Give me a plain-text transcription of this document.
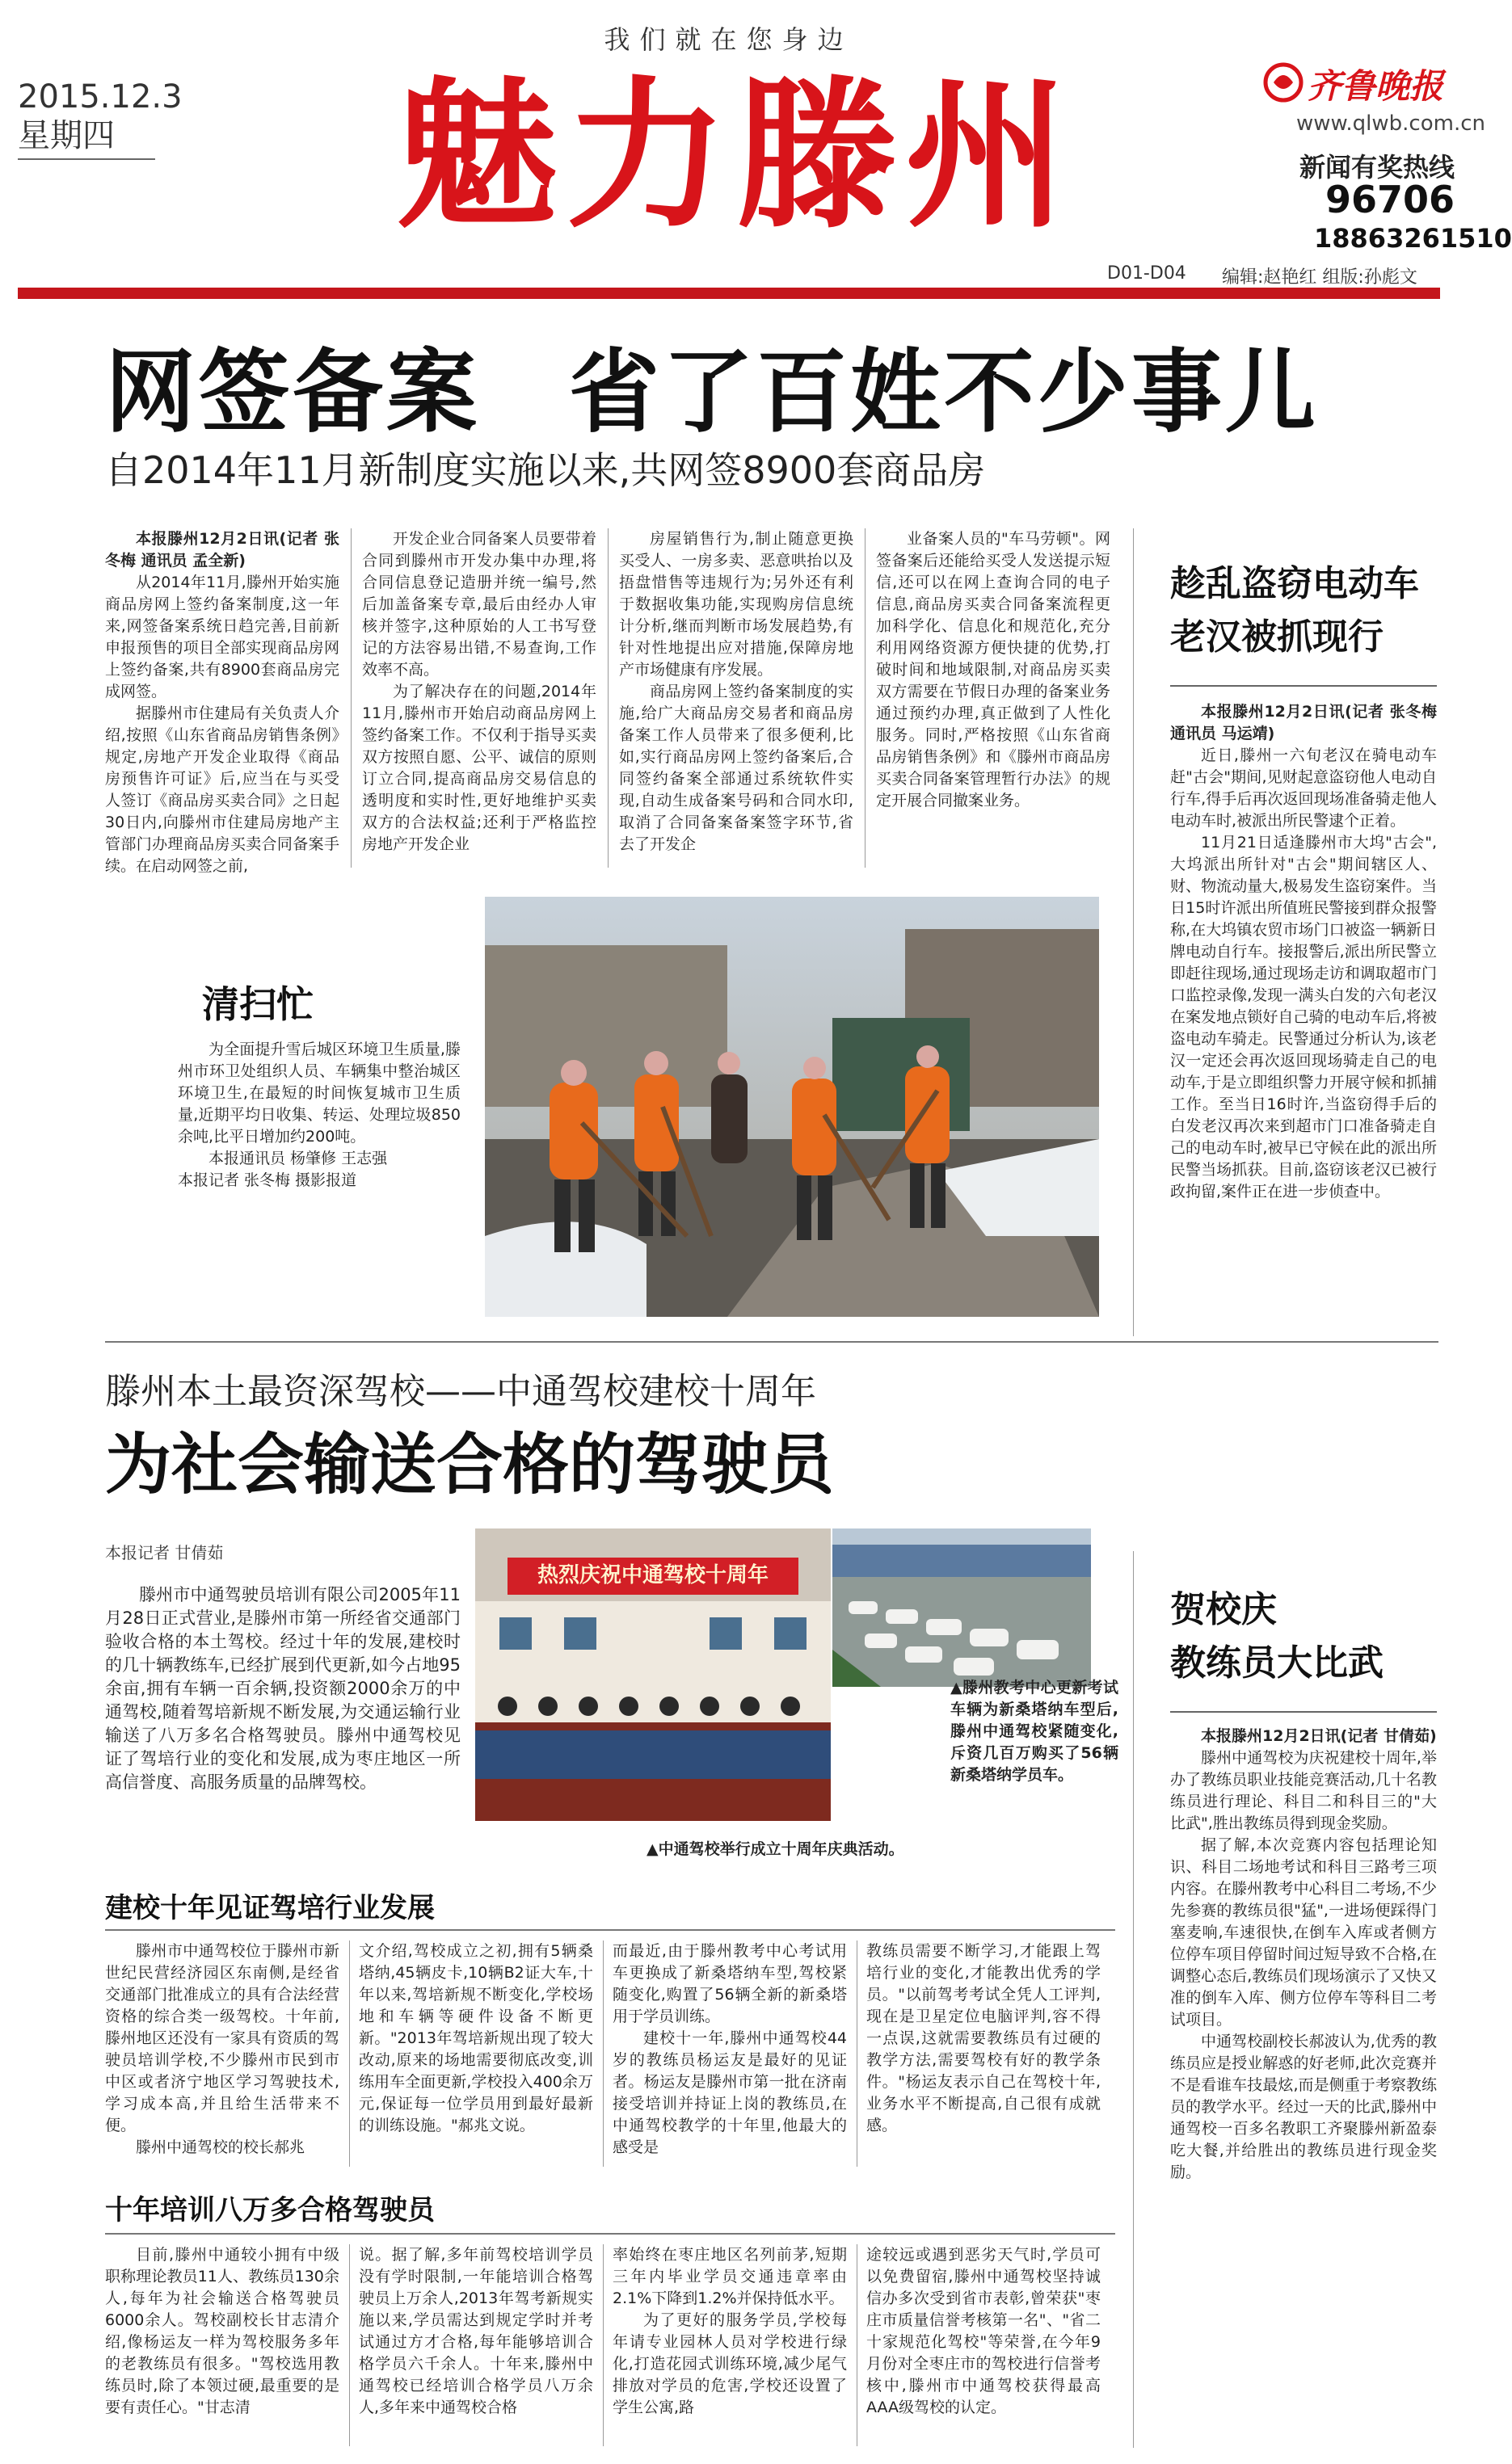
我们就在您身边
2015.12.3
星期四	魅力滕州	齐鲁晚报
www.qlwb.com.cn
新闻有奖热线
96706
18863261510
D01-D04 编辑:赵艳红 组版:孙彪文
网签备案 省了百姓不少事儿
自2014年11月新制度实施以来,共网签8900套商品房

本报滕州12月2日讯(记者 张冬梅 通讯员 孟全新)

从2014年11月,滕州开始实施商品房网上签约备案制度,这一年来,网签备案系统日趋完善,目前新申报预售的项目全部实现商品房网上签约备案,共有8900套商品房完成网签。

据滕州市住建局有关负责人介绍,按照《山东省商品房销售条例》规定,房地产开发企业取得《商品房预售许可证》后,应当在与买受人签订《商品房买卖合同》之日起30日内,向滕州市住建局房地产主管部门办理商品房买卖合同备案手续。在启动网签之前,

开发企业合同备案人员要带着合同到滕州市开发办集中办理,将合同信息登记造册并统一编号,然后加盖备案专章,最后由经办人审核并签字,这种原始的人工书写登记的方法容易出错,不易查询,工作效率不高。

为了解决存在的问题,2014年11月,滕州市开始启动商品房网上签约备案工作。不仅利于指导买卖双方按照自愿、公平、诚信的原则订立合同,提高商品房交易信息的透明度和实时性,更好地维护买卖双方的合法权益;还利于严格监控房地产开发企业

房屋销售行为,制止随意更换买受人、一房多卖、恶意哄抬以及捂盘惜售等违规行为;另外还有利于数据收集功能,实现购房信息统计分析,继而判断市场发展趋势,有针对性地提出应对措施,保障房地产市场健康有序发展。

商品房网上签约备案制度的实施,给广大商品房交易者和商品房备案工作人员带来了很多便利,比如,实行商品房网上签约备案后,合同签约备案全部通过系统软件实现,自动生成备案号码和合同水印,取消了合同备案备案签字环节,省去了开发企

业备案人员的"车马劳顿"。网签备案后还能给买受人发送提示短信,还可以在网上查询合同的电子信息,商品房买卖合同备案流程更加科学化、信息化和规范化,充分利用网络资源方便快捷的优势,打破时间和地域限制,对商品房买卖双方需要在节假日办理的备案业务通过预约办理,真正做到了人性化服务。同时,严格按照《山东省商品房销售条例》和《滕州市商品房买卖合同备案管理暂行办法》的规定开展合同撤案业务。

清扫忙
为全面提升雪后城区环境卫生质量,滕州市环卫处组织人员、车辆集中整治城区环境卫生,在最短的时间恢复城市卫生质量,近期平均日收集、转运、处理垃圾850余吨,比平日增加约200吨。
本报通讯员 杨肇修 王志强
本报记者 张冬梅 摄影报道
趁乱盗窃电动车
老汉被抓现行

本报滕州12月2日讯(记者 张冬梅 通讯员 马运靖)

近日,滕州一六旬老汉在骑电动车赶"古会"期间,见财起意盗窃他人电动自行车,得手后再次返回现场准备骑走他人电动车时,被派出所民警逮个正着。

11月21日适逢滕州市大坞"古会",大坞派出所针对"古会"期间辖区人、财、物流动量大,极易发生盗窃案件。当日15时许派出所值班民警接到群众报警称,在大坞镇农贸市场门口被盗一辆新日牌电动自行车。接报警后,派出所民警立即赶往现场,通过现场走访和调取超市门口监控录像,发现一满头白发的六旬老汉在案发地点锁好自己骑的电动车后,将被盗电动车骑走。民警通过分析认为,该老汉一定还会再次返回现场骑走自己的电动车,于是立即组织警力开展守候和抓捕工作。至当日16时许,当盗窃得手后的白发老汉再次来到超市门口准备骑走自己的电动车时,被早已守候在此的派出所民警当场抓获。目前,盗窃该老汉已被行政拘留,案件正在进一步侦查中。

滕州本土最资深驾校——中通驾校建校十周年
为社会输送合格的驾驶员
本报记者 甘倩茹

滕州市中通驾驶员培训有限公司2005年11月28日正式营业,是滕州市第一所经省交通部门验收合格的本土驾校。经过十年的发展,建校时的几十辆教练车,已经扩展到代更新,如今占地95余亩,拥有车辆一百余辆,投资额2000余万的中通驾校,随着驾培新规不断发展,为交通运输行业输送了八万多名合格驾驶员。滕州中通驾校见证了驾培行业的变化和发展,成为枣庄地区一所高信誉度、高服务质量的品牌驾校。

热烈庆祝中通驾校十周年
▲滕州教考中心更新考试车辆为新桑塔纳车型后,滕州中通驾校紧随变化,斥资几百万购买了56辆新桑塔纳学员车。
▲中通驾校举行成立十周年庆典活动。
建校十年见证驾培行业发展

滕州市中通驾校位于滕州市新世纪民营经济园区东南侧,是经省交通部门批准成立的具有合法经营资格的综合类一级驾校。十年前,滕州地区还没有一家具有资质的驾驶员培训学校,不少滕州市民到市中区或者济宁地区学习驾驶技术,学习成本高,并且给生活带来不便。

滕州中通驾校的校长郝兆

文介绍,驾校成立之初,拥有5辆桑塔纳,45辆皮卡,10辆B2证大车,十年以来,驾培新规不断变化,学校场地和车辆等硬件设备不断更新。"2013年驾培新规出现了较大改动,原来的场地需要彻底改变,训练用车全面更新,学校投入400余万元,保证每一位学员用到最好最新的训练设施。"郝兆文说。

而最近,由于滕州教考中心考试用车更换成了新桑塔纳车型,驾校紧随变化,购置了56辆全新的新桑塔用于学员训练。

建校十一年,滕州中通驾校44岁的教练员杨运友是最好的见证者。杨运友是滕州市第一批在济南接受培训并持证上岗的教练员,在中通驾校教学的十年里,他最大的感受是

教练员需要不断学习,才能跟上驾培行业的变化,才能教出优秀的学员。"以前驾考考试全凭人工评判,现在是卫星定位电脑评判,容不得一点误,这就需要教练员有过硬的教学方法,需要驾校有好的教学条件。"杨运友表示自己在驾校十年,业务水平不断提高,自己很有成就感。

十年培训八万多合格驾驶员

目前,滕州中通较小拥有中级职称理论教员11人、教练员130余人,每年为社会输送合格驾驶员6000余人。驾校副校长甘志清介绍,像杨运友一样为驾校服务多年的老教练员有很多。"驾校选用教练员时,除了本领过硬,最重要的是要有责任心。"甘志清

说。据了解,多年前驾校培训学员没有学时限制,一年能培训合格驾驶员上万余人,2013年驾考新规实施以来,学员需达到规定学时并考试通过方才合格,每年能够培训合格学员六千余人。十年来,滕州中通驾校已经培训合格学员八万余人,多年来中通驾校合格

率始终在枣庄地区名列前茅,短期三年内毕业学员交通违章率由2.1%下降到1.2%并保持低水平。

为了更好的服务学员,学校每年请专业园林人员对学校进行绿化,打造花园式训练环境,减少尾气排放对学员的危害,学校还设置了学生公寓,路

途较远或遇到恶劣天气时,学员可以免费留宿,滕州中通驾校坚持诚信办多次受到省市表彰,曾荣获"枣庄市质量信誉考核第一名"、"省二十家规范化驾校"等荣誉,在今年9月份对全枣庄市的驾校进行信誉考核中,滕州市中通驾校获得最高AAA级驾校的认定。

贺校庆
教练员大比武

本报滕州12月2日讯(记者 甘倩茹)

滕州中通驾校为庆祝建校十周年,举办了教练员职业技能竞赛活动,几十名教练员进行理论、科目二和科目三的"大比武",胜出教练员得到现金奖励。

据了解,本次竞赛内容包括理论知识、科目二场地考试和科目三路考三项内容。在滕州教考中心科目二考场,不少先参赛的教练员很"猛",一进场便踩得门塞麦响,车速很快,在倒车入库或者侧方位停车项目停留时间过短导致不合格,在调整心态后,教练员们现场演示了又快又准的倒车入库、侧方位停车等科目二考试项目。

中通驾校副校长郝波认为,优秀的教练员应是授业解惑的好老师,此次竞赛并不是看谁车技最炫,而是侧重于考察教练员的教学水平。经过一天的比武,滕州中通驾校一百多名教职工齐聚滕州新盈泰吃大餐,并给胜出的教练员进行现金奖励。
